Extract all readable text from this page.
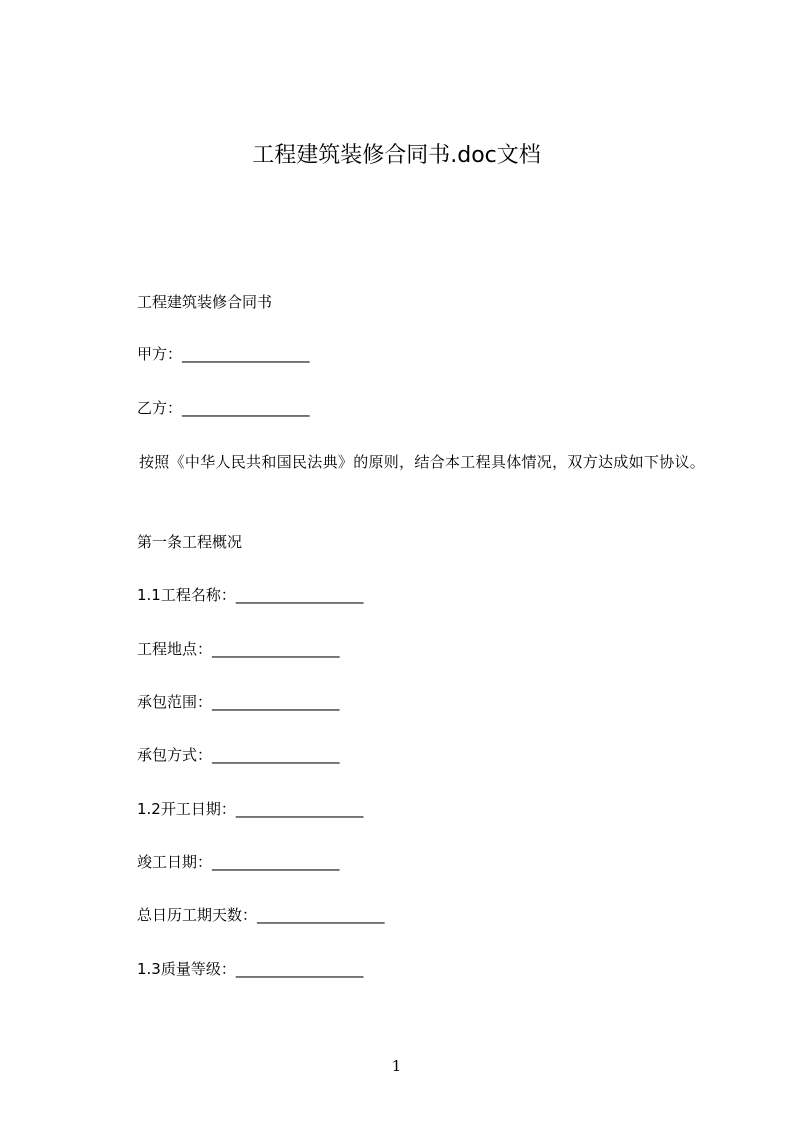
工程建筑装修合同书.doc文档
工程建筑装修合同书
甲方：_________________
乙方：_________________
按照《中华人民共和国民法典》的原则，结合本工程具体情况，双方达成如下协议。
第一条工程概况
1.1工程名称：_________________
工程地点：_________________
承包范围：_________________
承包方式：_________________
1.2开工日期：_________________
竣工日期：_________________
总日历工期天数：_________________
1.3质量等级：_________________
1
